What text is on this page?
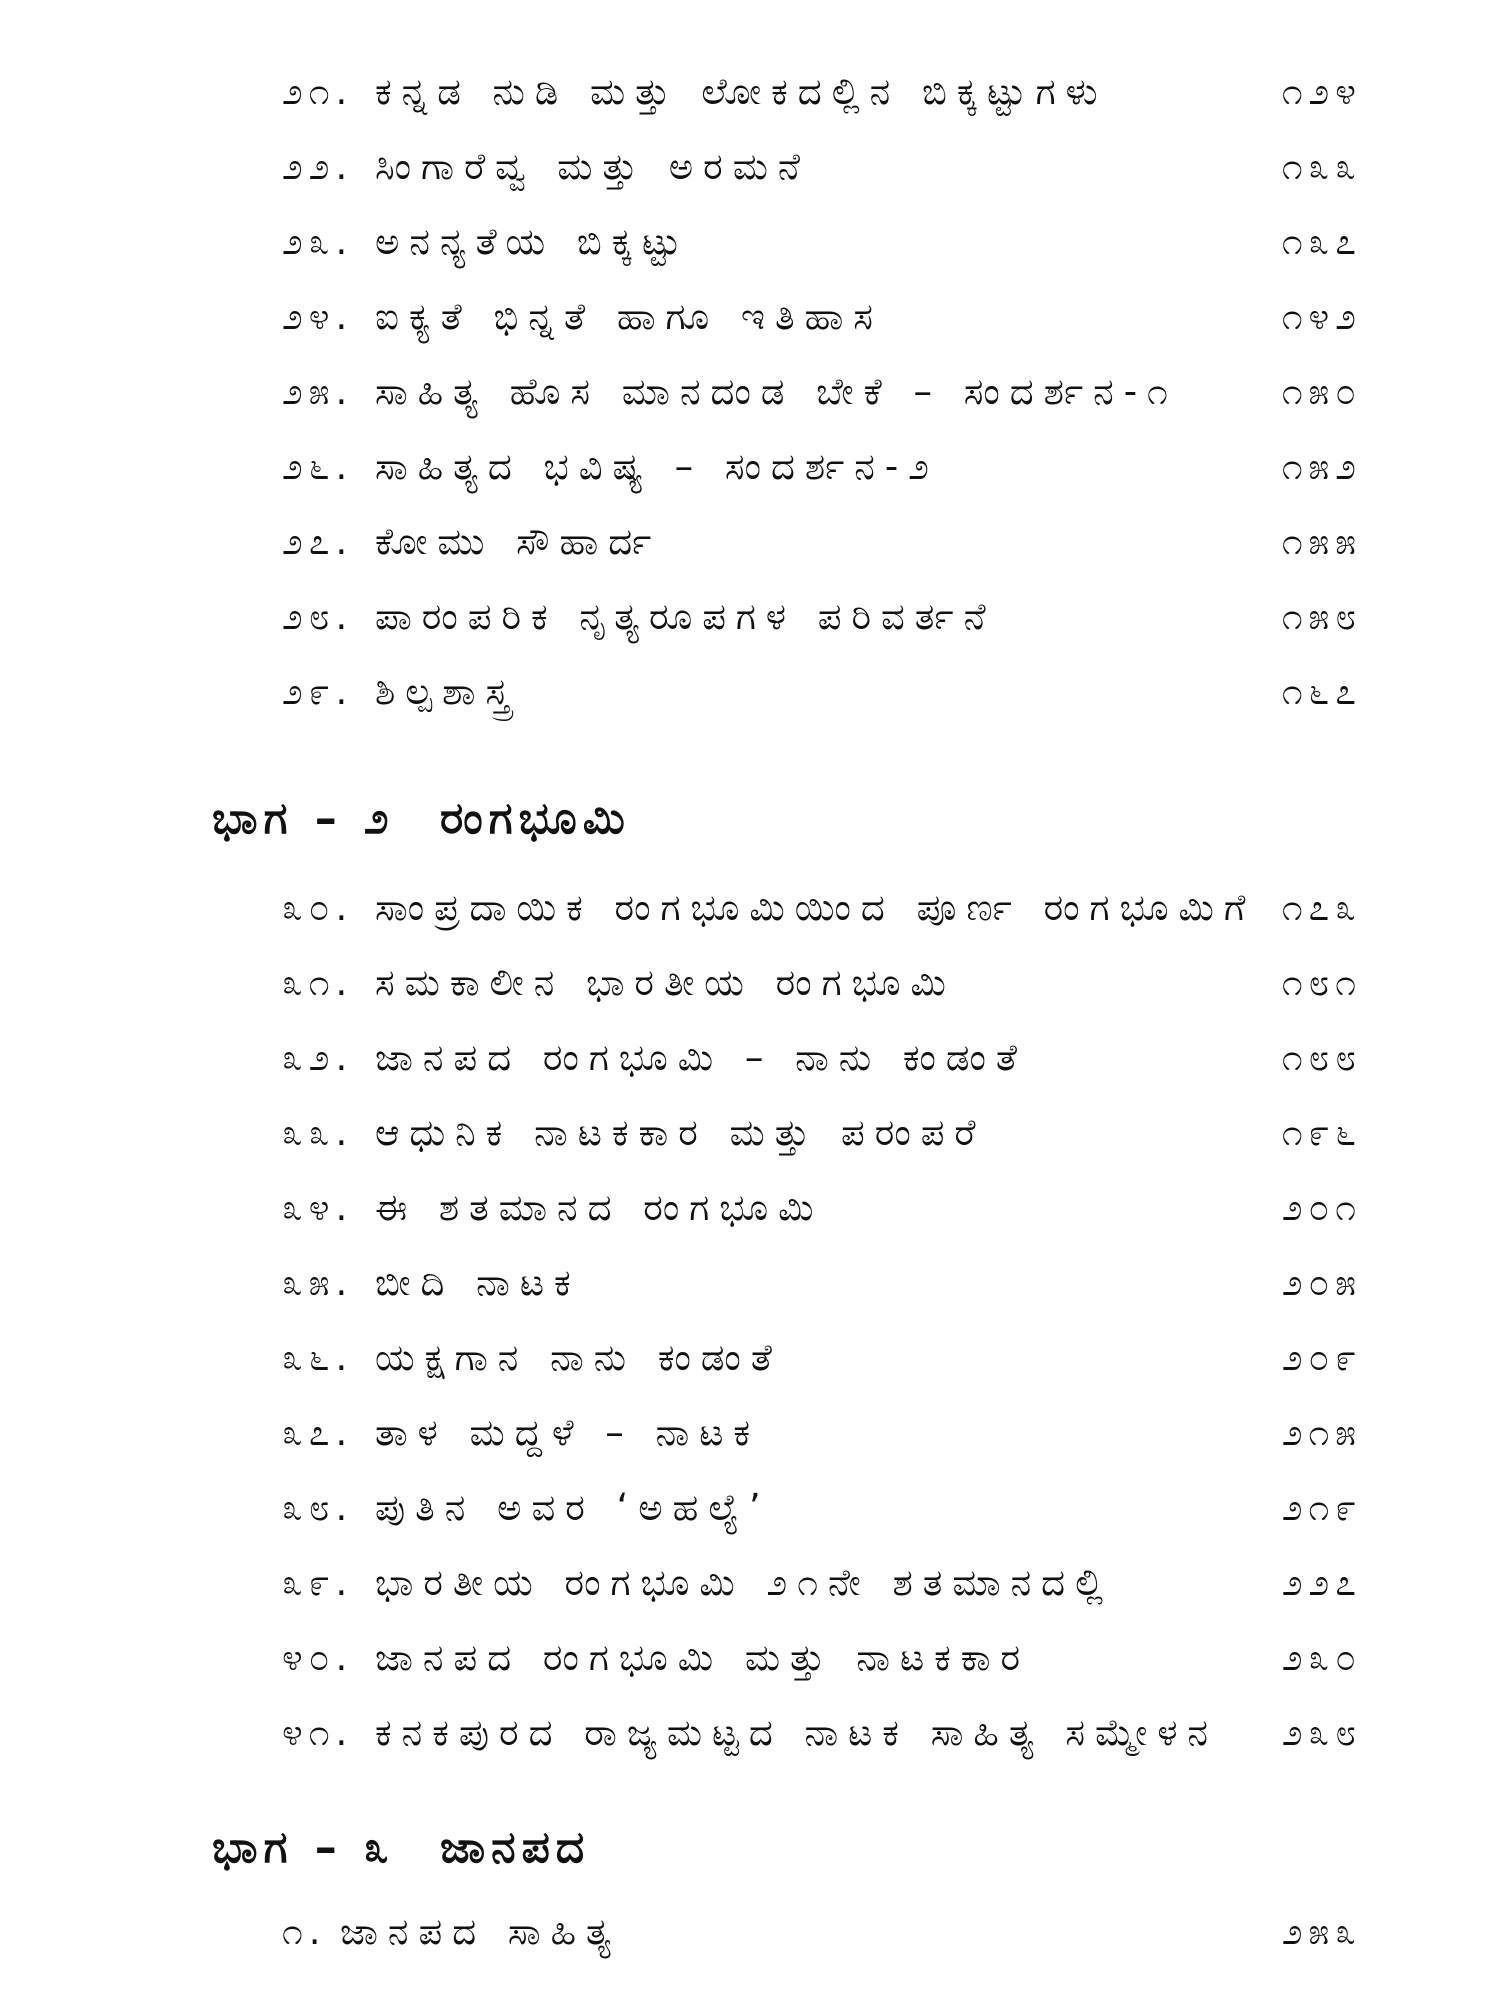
೨೧. ಕನ್ನಡ ನುಡಿ ಮತ್ತು ಲೋಕದಲ್ಲಿನ ಬಿಕ್ಕಟ್ಟುಗಳು	೧೨೪
೨೨. ಸಿಂಗಾರೆವ್ವ ಮತ್ತು ಅರಮನೆ	೧೩೩
೨೩. ಅನನ್ಯತೆಯ ಬಿಕ್ಕಟ್ಟು	೧೩೭
೨೪. ಐಕ್ಯತೆ ಭಿನ್ನತೆ ಹಾಗೂ ಇತಿಹಾಸ	೧೪೨
೨೫. ಸಾಹಿತ್ಯ ಹೊಸ ಮಾನದಂಡ ಬೇಕೆ – ಸಂದರ್ಶನ-೧	೧೫೦
೨೬. ಸಾಹಿತ್ಯದ ಭವಿಷ್ಯ – ಸಂದರ್ಶನ-೨	೧೫೨
೨೭. ಕೋಮು ಸೌಹಾರ್ದ	೧೫೫
೨೮. ಪಾರಂಪರಿಕ ನೃತ್ಯರೂಪಗಳ ಪರಿವರ್ತನೆ	೧೫೮
೨೯. ಶಿಲ್ಪಶಾಸ್ತ್ರ	೧೬೭
ಭಾಗ – ೨ ರಂಗಭೂಮಿ
೩೦. ಸಾಂಪ್ರದಾಯಿಕ ರಂಗಭೂಮಿಯಿಂದ ಪೂರ್ಣ ರಂಗಭೂಮಿಗೆ ೧೭೩
೩೧. ಸಮಕಾಲೀನ ಭಾರತೀಯ ರಂಗಭೂಮಿ	೧೮೧
೩೨. ಜಾನಪದ ರಂಗಭೂಮಿ – ನಾನು ಕಂಡಂತೆ	೧೮೮
೩೩. ಆಧುನಿಕ ನಾಟಕಕಾರ ಮತ್ತು ಪರಂಪರೆ	೧೯೬
೩೪. ಈ ಶತಮಾನದ ರಂಗಭೂಮಿ	೨೦೧
೩೫. ಬೀದಿ ನಾಟಕ	೨೦೫
೩೬. ಯಕ್ಷಗಾನ ನಾನು ಕಂಡಂತೆ	೨೦೯
೩೭. ತಾಳ ಮದ್ದಳೆ – ನಾಟಕ	೨೧೫
೩೮. ಪುತಿನ ಅವರ ‘ಅಹಲ್ಯೆ’	೨೧೯
೩೯. ಭಾರತೀಯ ರಂಗಭೂಮಿ ೨೧ನೇ ಶತಮಾನದಲ್ಲಿ	೨೨೭
೪೦. ಜಾನಪದ ರಂಗಭೂಮಿ ಮತ್ತು ನಾಟಕಕಾರ	೨೩೦
೪೧. ಕನಕಪುರದ ರಾಜ್ಯಮಟ್ಟದ ನಾಟಕ ಸಾಹಿತ್ಯ ಸಮ್ಮೇಳನ ೨೩೮
ಭಾಗ – ೩ ಜಾನಪದ
೧. ಜಾನಪದ ಸಾಹಿತ್ಯ	೨೫೩
